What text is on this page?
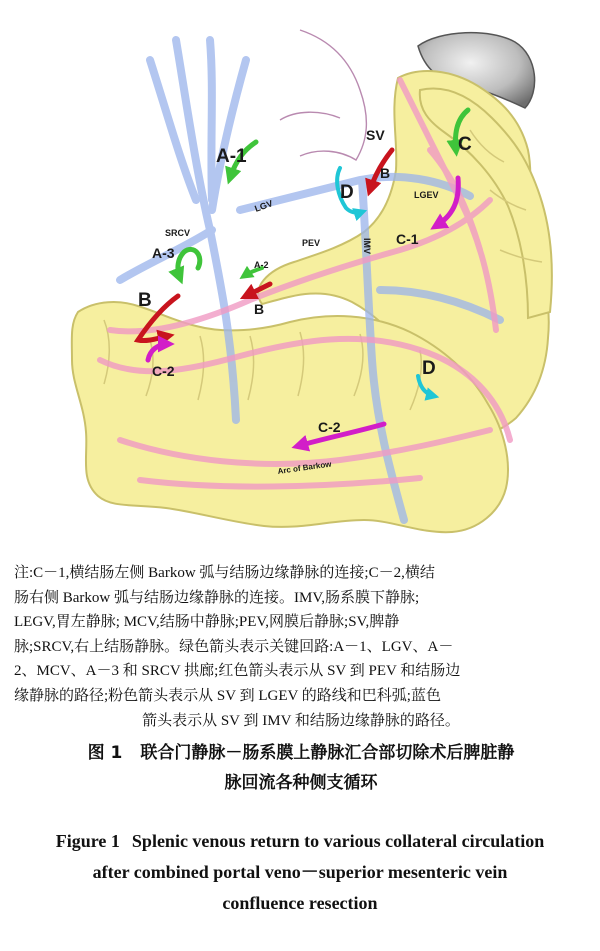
A-1
LGV
SRCV
A-3
A-2
B
B
C-2
SV
B
D
C
LGEV
C-1
PEV	IMV
D
C-2
Arc of Barkow
注:C－1,横结肠左侧 Barkow 弧与结肠边缘静脉的连接;C－2,横结
肠右侧 Barkow 弧与结肠边缘静脉的连接。IMV,肠系膜下静脉;
LEGV,胃左静脉; MCV,结肠中静脉;PEV,网膜后静脉;SV,脾静
脉;SRCV,右上结肠静脉。绿色箭头表示关键回路:A－1、LGV、A－
2、MCV、A－3 和 SRCV 拱廊;红色箭头表示从 SV 到 PEV 和结肠边
缘静脉的路径;粉色箭头表示从 SV 到 LGEV 的路线和巴科弧;蓝色
箭头表示从 SV 到 IMV 和结肠边缘静脉的路径。
图 1 联合门静脉－肠系膜上静脉汇合部切除术后脾脏静
脉回流各种侧支循环
Figure 1 Splenic venous return to various collateral circulation
after combined portal veno－superior mesenteric vein
confluence resection
